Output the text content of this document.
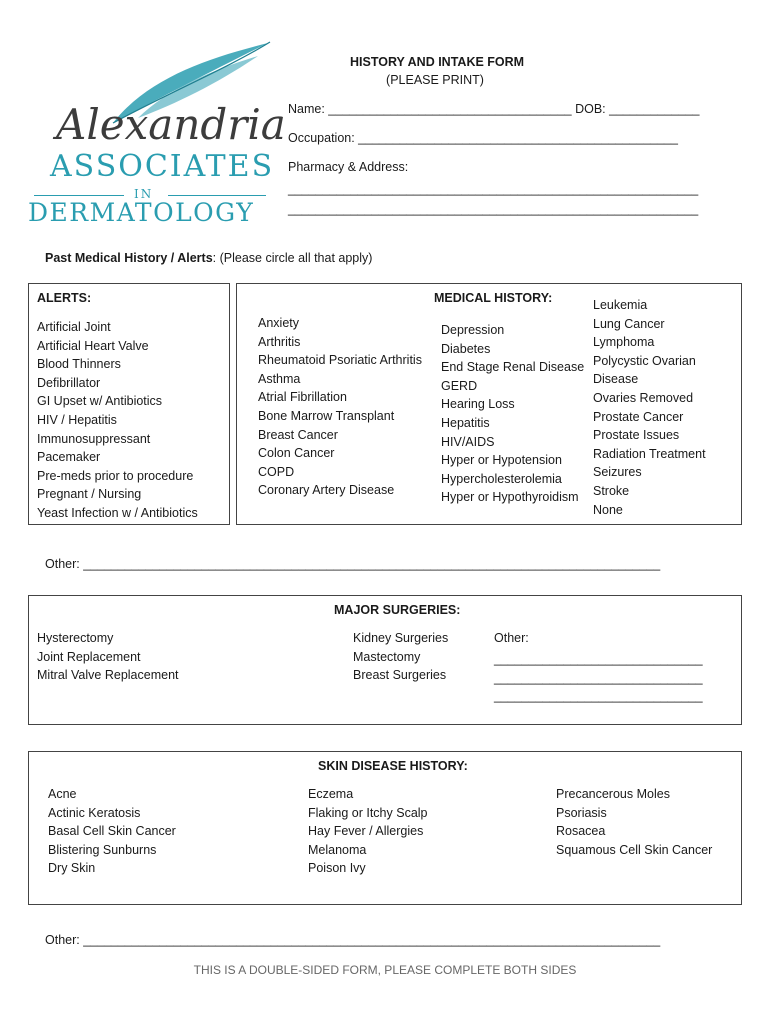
Alexandria
ASSOCIATES
IN
DERMATOLOGY
HISTORY AND INTAKE FORM
(PLEASE PRINT)
Name: ___________________________________ DOB: _____________
Occupation: ______________________________________________
Pharmacy & Address:
___________________________________________________________
___________________________________________________________
Past Medical History / Alerts: (Please circle all that apply)
ALERTS:
Artificial Joint
Artificial Heart Valve
Blood Thinners
Defibrillator
GI Upset w/ Antibiotics
HIV / Hepatitis
Immunosuppressant
Pacemaker
Pre-meds prior to procedure
Pregnant / Nursing
Yeast Infection w / Antibiotics
MEDICAL HISTORY:
Anxiety
Arthritis
Rheumatoid Psoriatic Arthritis
Asthma
Atrial Fibrillation
Bone Marrow Transplant
Breast Cancer
Colon Cancer
COPD
Coronary Artery Disease
Depression
Diabetes
End Stage Renal Disease
GERD
Hearing Loss
Hepatitis
HIV/AIDS
Hyper or Hypotension
Hypercholesterolemia
Hyper or Hypothyroidism
Leukemia
Lung Cancer
Lymphoma
Polycystic Ovarian
Disease
Ovaries Removed
Prostate Cancer
Prostate Issues
Radiation Treatment
Seizures
Stroke
None
Other: ___________________________________________________________________________________
MAJOR SURGERIES:
Hysterectomy
Joint Replacement
Mitral Valve Replacement
Kidney Surgeries
Mastectomy
Breast Surgeries
Other:
______________________________
______________________________
______________________________
SKIN DISEASE HISTORY:
Acne
Actinic Keratosis
Basal Cell Skin Cancer
Blistering Sunburns
Dry Skin
Eczema
Flaking or Itchy Scalp
Hay Fever / Allergies
Melanoma
Poison Ivy
Precancerous Moles
Psoriasis
Rosacea
Squamous Cell Skin Cancer
Other: ___________________________________________________________________________________
THIS IS A DOUBLE-SIDED FORM, PLEASE COMPLETE BOTH SIDES
